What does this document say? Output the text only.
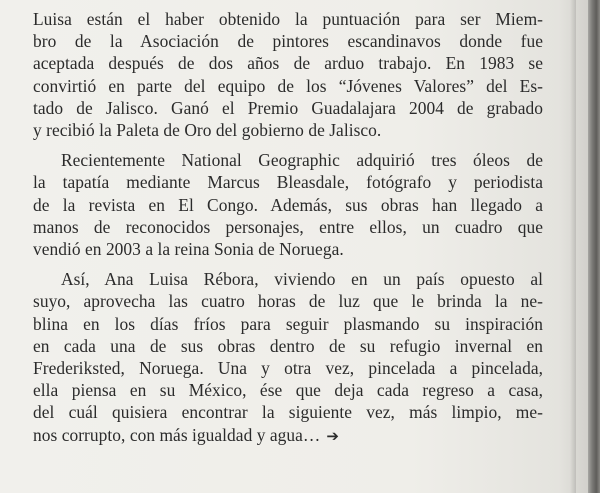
Luisa están el haber obtenido la puntuación para ser Miem-
bro de la Asociación de pintores escandinavos donde fue
aceptada después de dos años de arduo trabajo. En 1983 se
convirtió en parte del equipo de los “Jóvenes Valores” del Es-
tado de Jalisco. Ganó el Premio Guadalajara 2004 de grabado
y recibió la Paleta de Oro del gobierno de Jalisco.
Recientemente National Geographic adquirió tres óleos de
la tapatía mediante Marcus Bleasdale, fotógrafo y periodista
de la revista en El Congo. Además, sus obras han llegado a
manos de reconocidos personajes, entre ellos, un cuadro que
vendió en 2003 a la reina Sonia de Noruega.
Así, Ana Luisa Rébora, viviendo en un país opuesto al
suyo, aprovecha las cuatro horas de luz que le brinda la ne-
blina en los días fríos para seguir plasmando su inspiración
en cada una de sus obras dentro de su refugio invernal en
Frederiksted, Noruega. Una y otra vez, pincelada a pincelada,
ella piensa en su México, ése que deja cada regreso a casa,
del cuál quisiera encontrar la siguiente vez, más limpio, me-
nos corrupto, con más igualdad y agua… ➔
